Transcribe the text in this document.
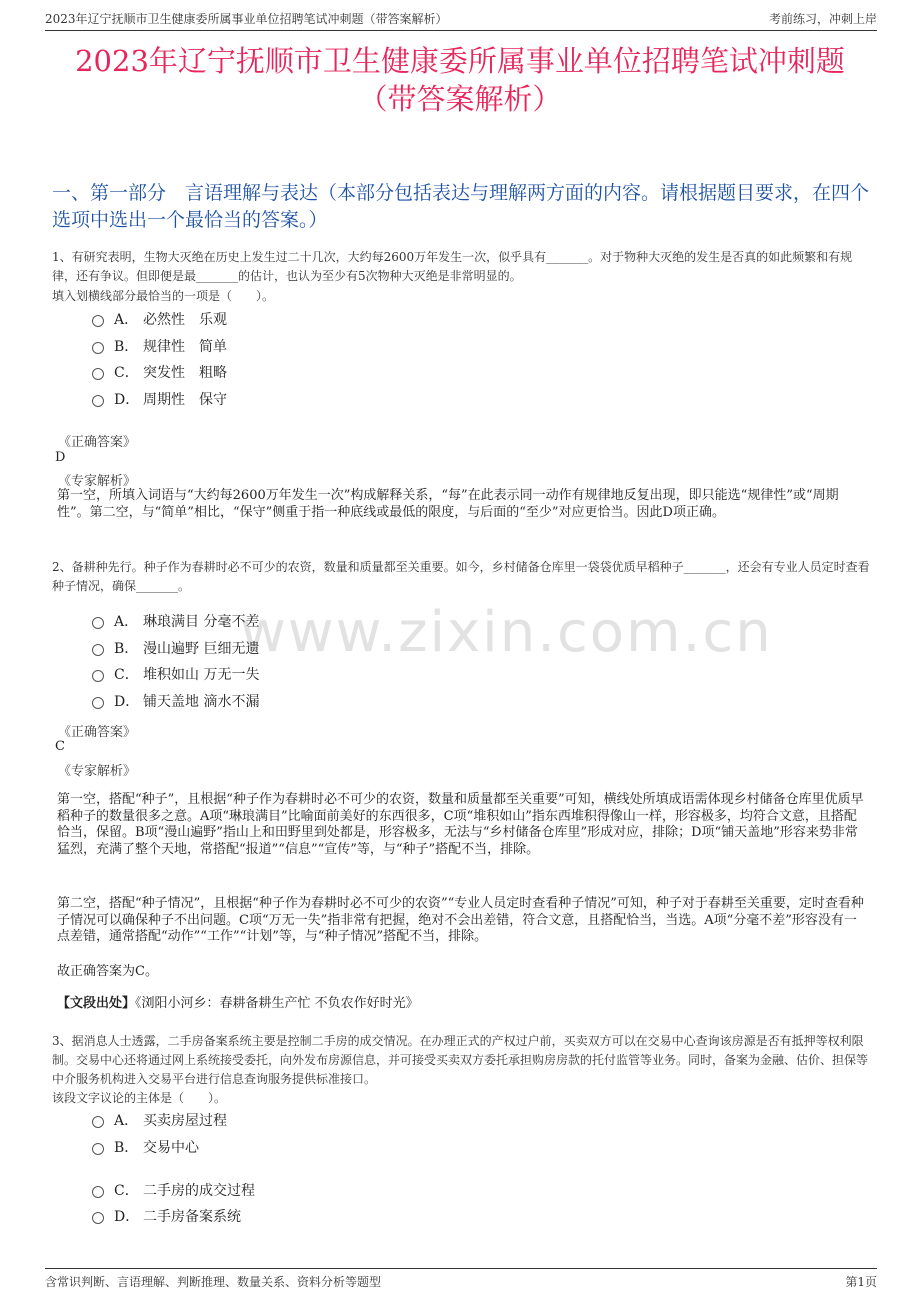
2023年辽宁抚顺市卫生健康委所属事业单位招聘笔试冲刺题（带答案解析）	考前练习，冲刺上岸
2023年辽宁抚顺市卫生健康委所属事业单位招聘笔试冲刺题
（带答案解析）
一、第一部分　言语理解与表达（本部分包括表达与理解两方面的内容。请根据题目要求，在四个选项中选出一个最恰当的答案。）
www.zixin.com.cn
1、有研究表明，生物大灭绝在历史上发生过二十几次，大约每2600万年发生一次，似乎具有_______。对于物种大灭绝的发生是否真的如此频繁和有规律，还有争议。但即便是最_______的估计，也认为至少有5次物种大灭绝是非常明显的。
填入划横线部分最恰当的一项是（　　）。
A． 必然性　乐观
B． 规律性　简单
C． 突发性　粗略
D． 周期性　保守
《正确答案》
D
《专家解析》
第一空，所填入词语与“大约每2600万年发生一次”构成解释关系，“每”在此表示同一动作有规律地反复出现，即只能选“规律性”或“周期性”。第二空，与“简单”相比，“保守”侧重于指一种底线或最低的限度，与后面的“至少”对应更恰当。因此D项正确。
2、备耕种先行。种子作为春耕时必不可少的农资，数量和质量都至关重要。如今，乡村储备仓库里一袋袋优质早稻种子_______，还会有专业人员定时查看种子情况，确保_______。
A． 琳琅满目 分毫不差
B． 漫山遍野 巨细无遗
C． 堆积如山 万无一失
D． 铺天盖地 滴水不漏
《正确答案》
C
《专家解析》
第一空，搭配“种子”，且根据“种子作为春耕时必不可少的农资，数量和质量都至关重要”可知，横线处所填成语需体现乡村储备仓库里优质早稻种子的数量很多之意。A项“琳琅满目”比喻面前美好的东西很多，C项“堆积如山”指东西堆积得像山一样，形容极多，均符合文意，且搭配恰当，保留。B项“漫山遍野”指山上和田野里到处都是，形容极多，无法与“乡村储备仓库里”形成对应，排除；D项“铺天盖地”形容来势非常猛烈，充满了整个天地，常搭配“报道”“信息”“宣传”等，与“种子”搭配不当，排除。
第二空，搭配“种子情况”，且根据“种子作为春耕时必不可少的农资”“专业人员定时查看种子情况”可知，种子对于春耕至关重要，定时查看种子情况可以确保种子不出问题。C项“万无一失”指非常有把握，绝对不会出差错，符合文意，且搭配恰当，当选。A项“分毫不差”形容没有一点差错，通常搭配“动作”“工作”“计划”等，与“种子情况”搭配不当，排除。
故正确答案为C。
【文段出处】《浏阳小河乡：春耕备耕生产忙 不负农作好时光》
3、据消息人士透露，二手房备案系统主要是控制二手房的成交情况。在办理正式的产权过户前，买卖双方可以在交易中心查询该房源是否有抵押等权利限制。交易中心还将通过网上系统接受委托，向外发布房源信息，并可接受买卖双方委托承担购房房款的托付监管等业务。同时，备案为金融、估价、担保等中介服务机构进入交易平台进行信息查询服务提供标准接口。
该段文字议论的主体是（　　）。
A． 买卖房屋过程
B． 交易中心
C． 二手房的成交过程
D． 二手房备案系统
含常识判断、言语理解、判断推理、数量关系、资料分析等题型	第1页
